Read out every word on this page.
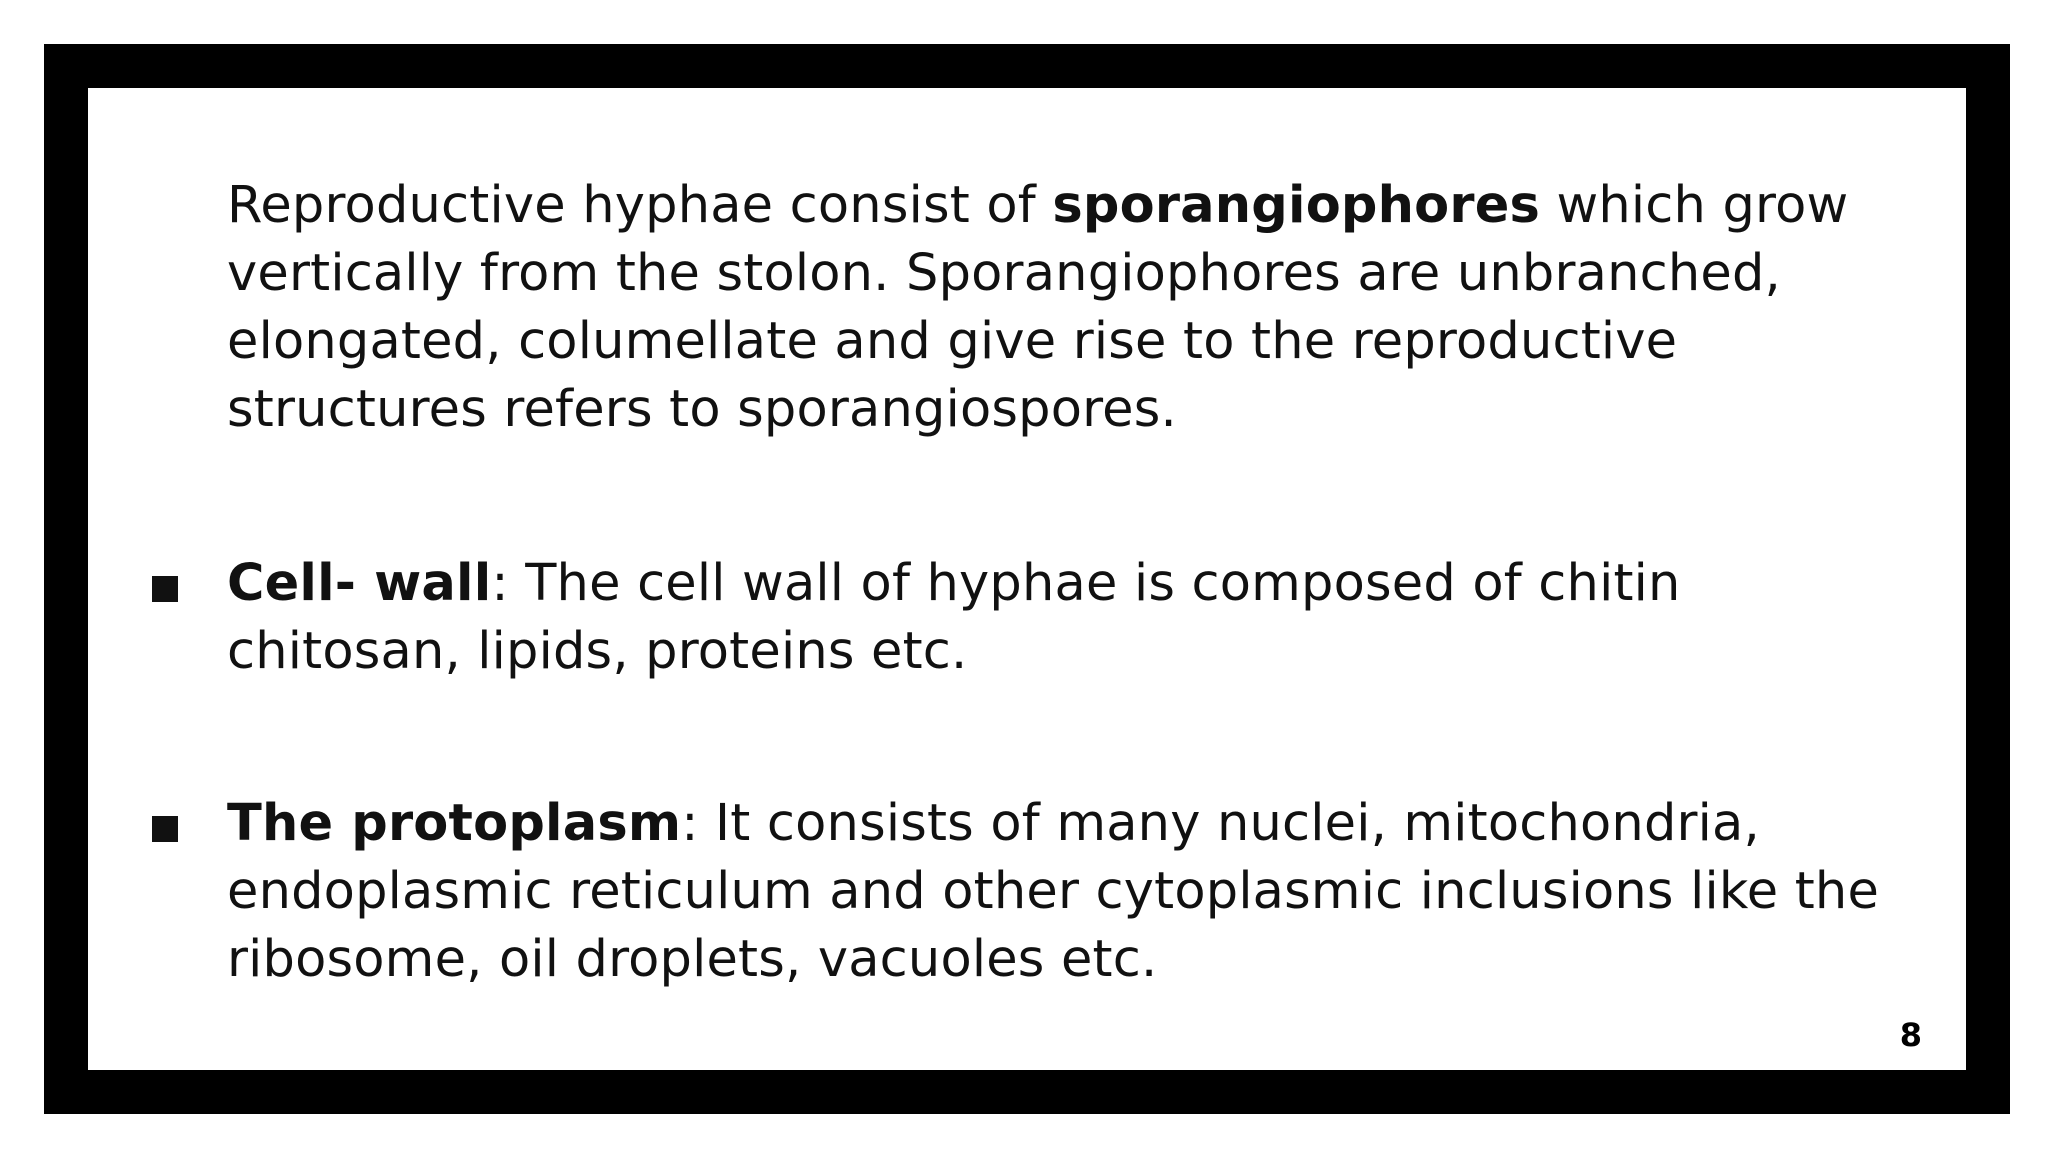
Reproductive hyphae consist of sporangiophores which grow vertically from the stolon. Sporangiophores are unbranched, elongated, columellate and give rise to the reproductive structures refers to sporangiospores.

Cell- wall: The cell wall of hyphae is composed of chitin chitosan, lipids, proteins etc.

The protoplasm: It consists of many nuclei, mitochondria, endoplasmic reticulum and other cytoplasmic inclusions like the ribosome, oil droplets, vacuoles etc.

8
